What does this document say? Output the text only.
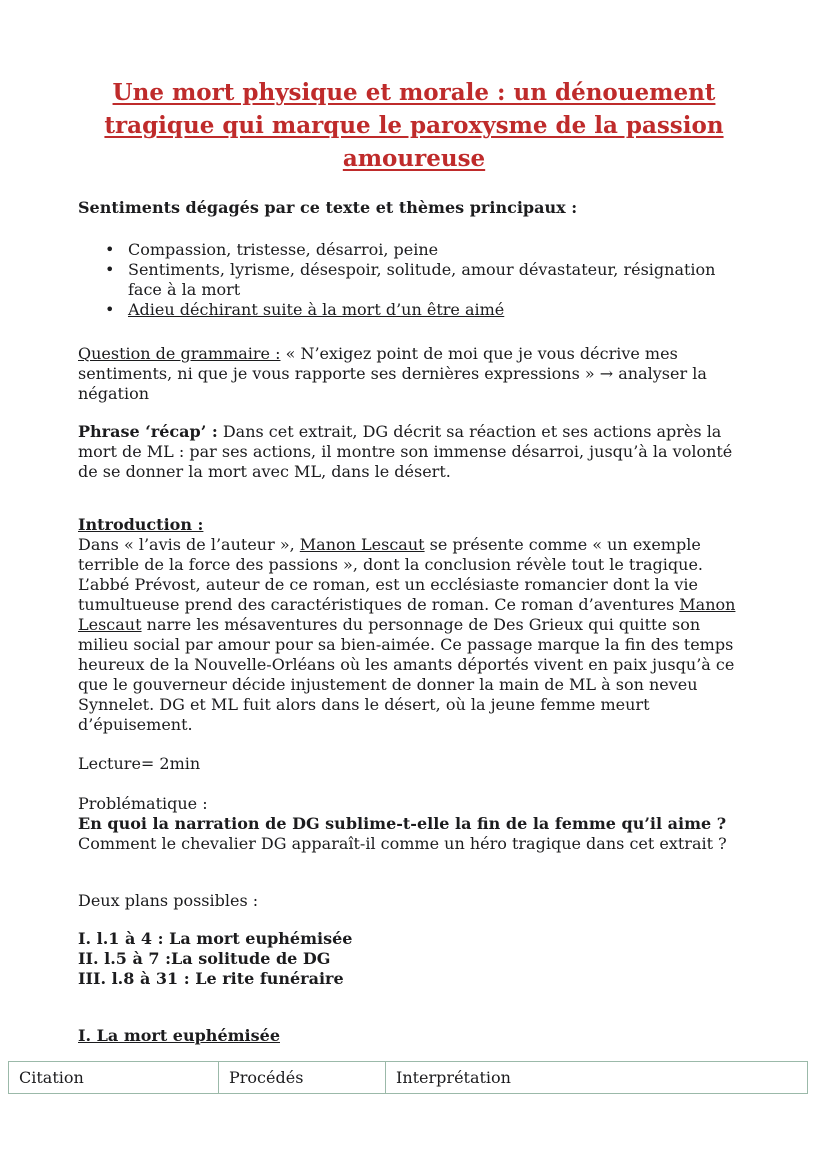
Une mort physique et morale : un dénouement tragique qui marque le paroxysme de la passion amoureuse

Sentiments dégagés par ce texte et thèmes principaux :

• Compassion, tristesse, désarroi, peine
• Sentiments, lyrisme, désespoir, solitude, amour dévastateur, résignation face à la mort
• Adieu déchirant suite à la mort d’un être aimé

Question de grammaire : « N’exigez point de moi que je vous décrive mes sentiments, ni que je vous rapporte ses dernières expressions » → analyser la négation

Phrase ‘récap’ : Dans cet extrait, DG décrit sa réaction et ses actions après la mort de ML : par ses actions, il montre son immense désarroi, jusqu’à la volonté de se donner la mort avec ML, dans le désert.

Introduction :

Dans « l’avis de l’auteur », Manon Lescaut se présente comme « un exemple terrible de la force des passions », dont la conclusion révèle tout le tragique. L’abbé Prévost, auteur de ce roman, est un ecclésiaste romancier dont la vie tumultueuse prend des caractéristiques de roman. Ce roman d’aventures Manon Lescaut narre les mésaventures du personnage de Des Grieux qui quitte son milieu social par amour pour sa bien-aimée. Ce passage marque la fin des temps heureux de la Nouvelle-Orléans où les amants déportés vivent en paix jusqu’à ce que le gouverneur décide injustement de donner la main de ML à son neveu Synnelet. DG et ML fuit alors dans le désert, où la jeune femme meurt d’épuisement.

Lecture= 2min

Problématique :

En quoi la narration de DG sublime-t-elle la fin de la femme qu’il aime ?

Comment le chevalier DG apparaît-il comme un héro tragique dans cet extrait ?

Deux plans possibles :

I. l.1 à 4 : La mort euphémisée

II. l.5 à 7 :La solitude de DG

III. l.8 à 31 : Le rite funéraire

I. La mort euphémisée

Citation	Procédés	Interprétation
